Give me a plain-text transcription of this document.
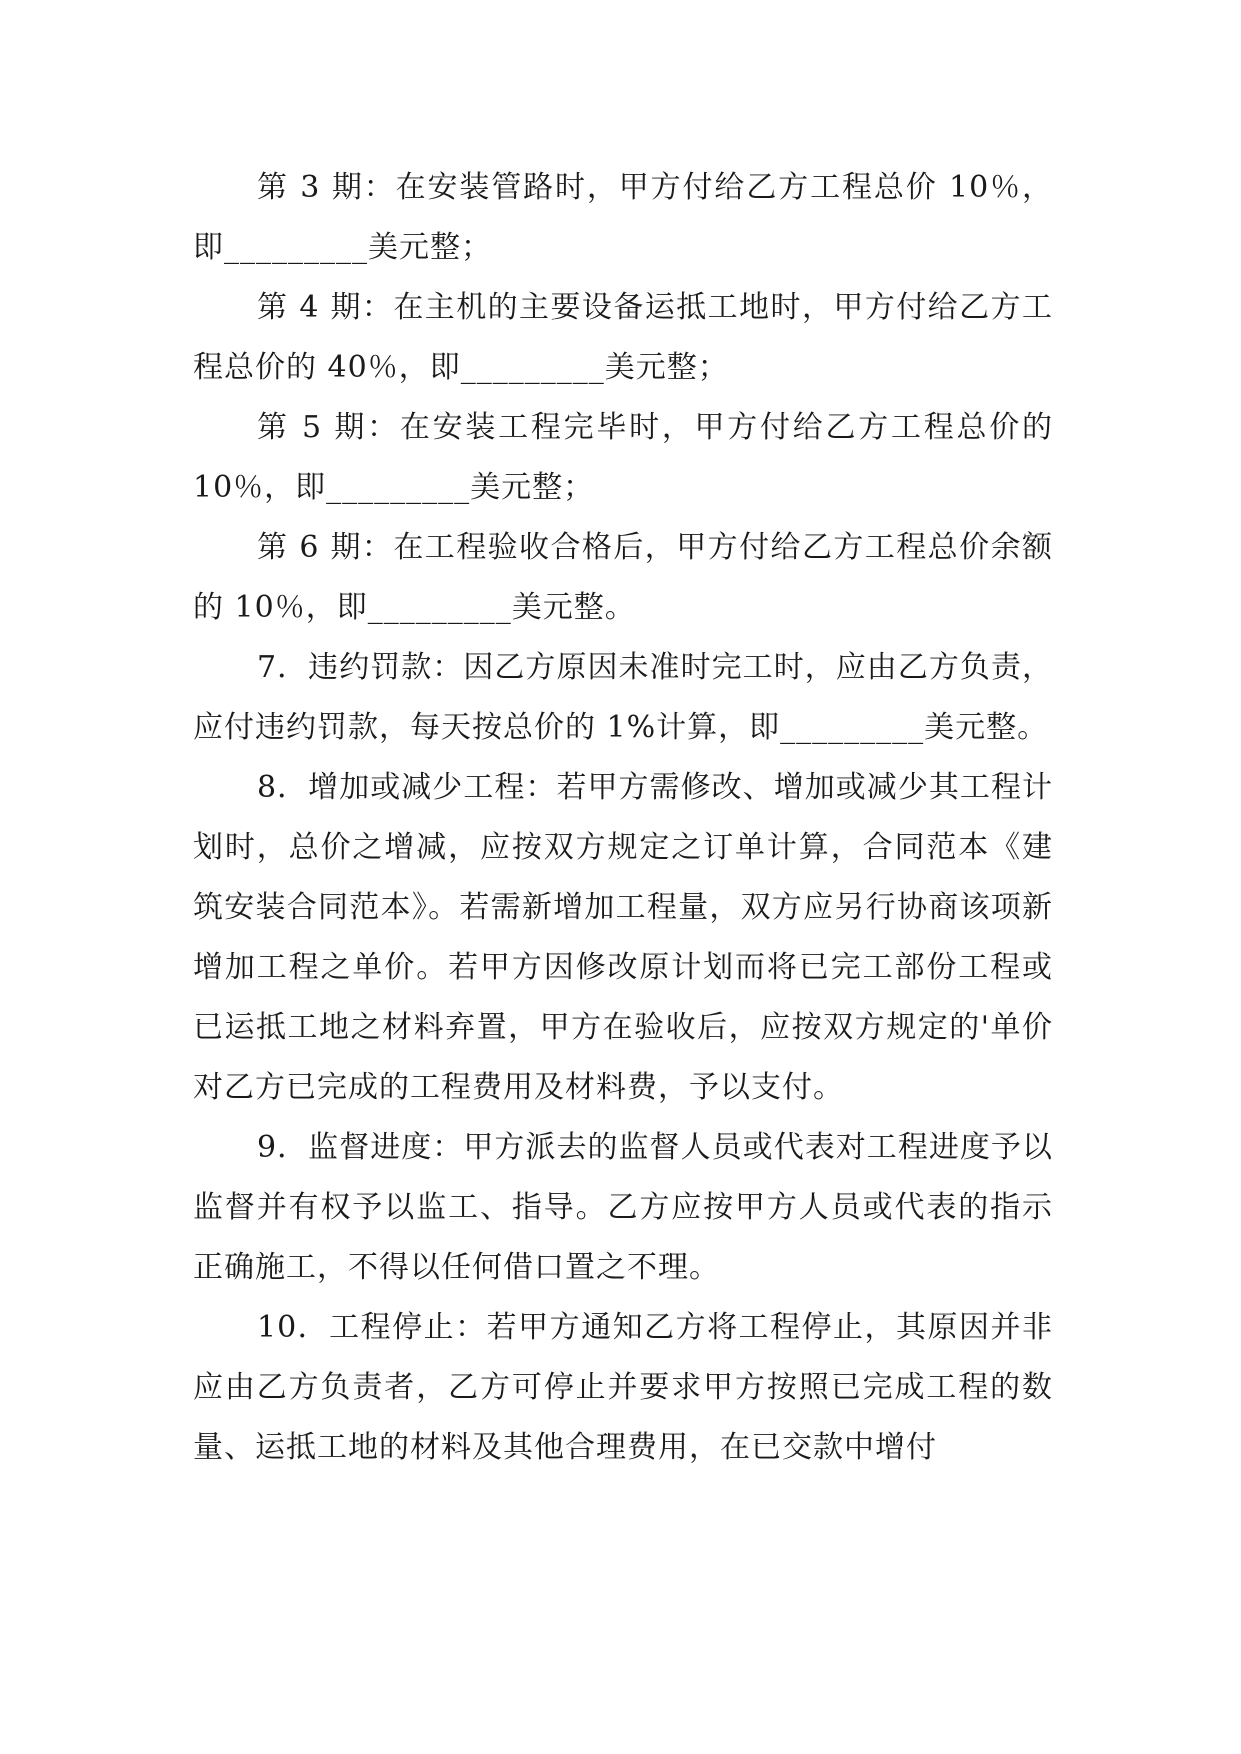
第 3 期：在安装管路时，甲方付给乙方工程总价 10％，即_________美元整；

第 4 期：在主机的主要设备运抵工地时，甲方付给乙方工程总价的 40％，即_________美元整；

第 5 期：在安装工程完毕时，甲方付给乙方工程总价的 10％，即_________美元整；

第 6 期：在工程验收合格后，甲方付给乙方工程总价余额的 10％，即_________美元整。

7．违约罚款：因乙方原因未准时完工时，应由乙方负责，应付违约罚款，每天按总价的 1%计算，即_________美元整。

8．增加或减少工程：若甲方需修改、增加或减少其工程计划时，总价之增减，应按双方规定之订单计算，合同范本《建筑安装合同范本》。若需新增加工程量，双方应另行协商该项新增加工程之单价。若甲方因修改原计划而将已完工部份工程或已运抵工地之材料弃置，甲方在验收后，应按双方规定的'单价对乙方已完成的工程费用及材料费，予以支付。

9．监督进度：甲方派去的监督人员或代表对工程进度予以监督并有权予以监工、指导。乙方应按甲方人员或代表的指示正确施工，不得以任何借口置之不理。

10．工程停止：若甲方通知乙方将工程停止，其原因并非应由乙方负责者，乙方可停止并要求甲方按照已完成工程的数量、运抵工地的材料及其他合理费用，在已交款中增付
